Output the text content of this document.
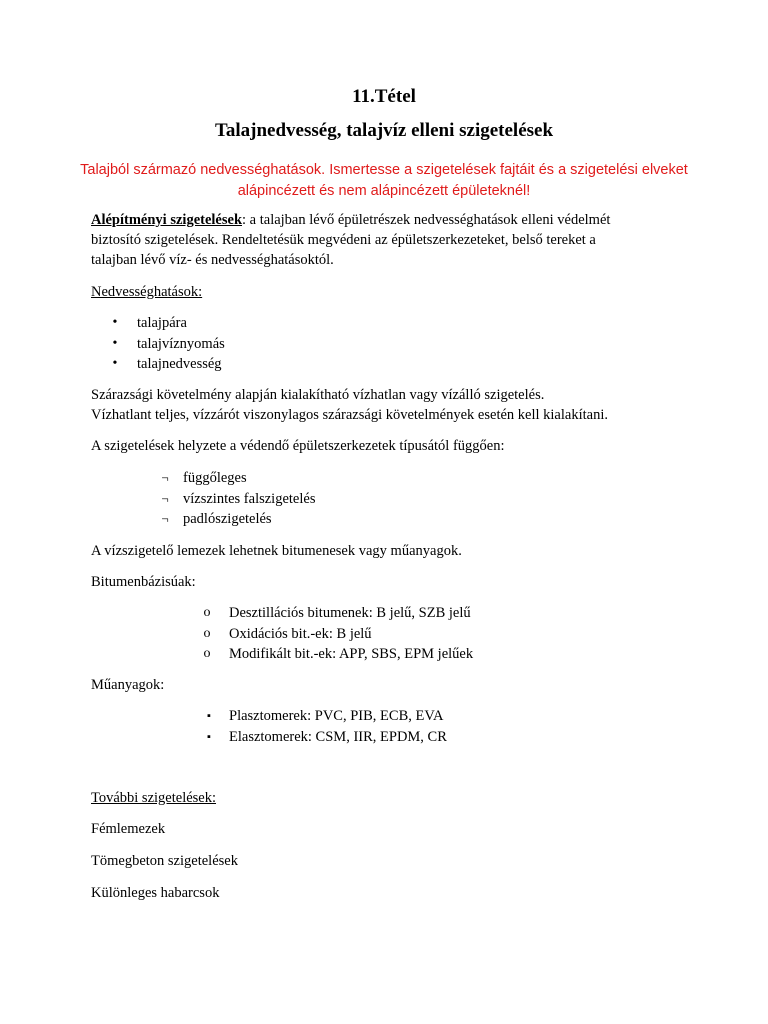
11.Tétel
Talajnedvesség, talajvíz elleni szigetelések
Talajból származó nedvességhatások. Ismertesse a szigetelések fajtáit és a szigetelési elveket
alápincézett és nem alápincézett épületeknél!
Alépítményi szigetelések: a talajban lévő épületrészek nedvességhatások elleni védelmét
biztosító szigetelések. Rendeltetésük megvédeni az épületszerkezeteket, belső tereket a
talajban lévő víz- és nedvességhatásoktól.
Nedvességhatások:
• talajpára
• talajvíznyomás
• talajnedvesség
Szárazsági követelmény alapján kialakítható vízhatlan vagy vízálló szigetelés.
Vízhatlant teljes, vízzárót viszonylagos szárazsági követelmények esetén kell kialakítani.
A szigetelések helyzete a védendő épületszerkezetek típusától függően:
¬ függőleges
¬ vízszintes falszigetelés
¬ padlószigetelés
A vízszigetelő lemezek lehetnek bitumenesek vagy műanyagok.
Bitumenbázisúak:
o Desztillációs bitumenek: B jelű, SZB jelű
o Oxidációs bit.-ek: B jelű
o Modifikált bit.-ek: APP, SBS, EPM jelűek
Műanyagok:
▪ Plasztomerek: PVC, PIB, ECB, EVA
▪ Elasztomerek: CSM, IIR, EPDM, CR
További szigetelések:
Fémlemezek
Tömegbeton szigetelések
Különleges habarcsok
